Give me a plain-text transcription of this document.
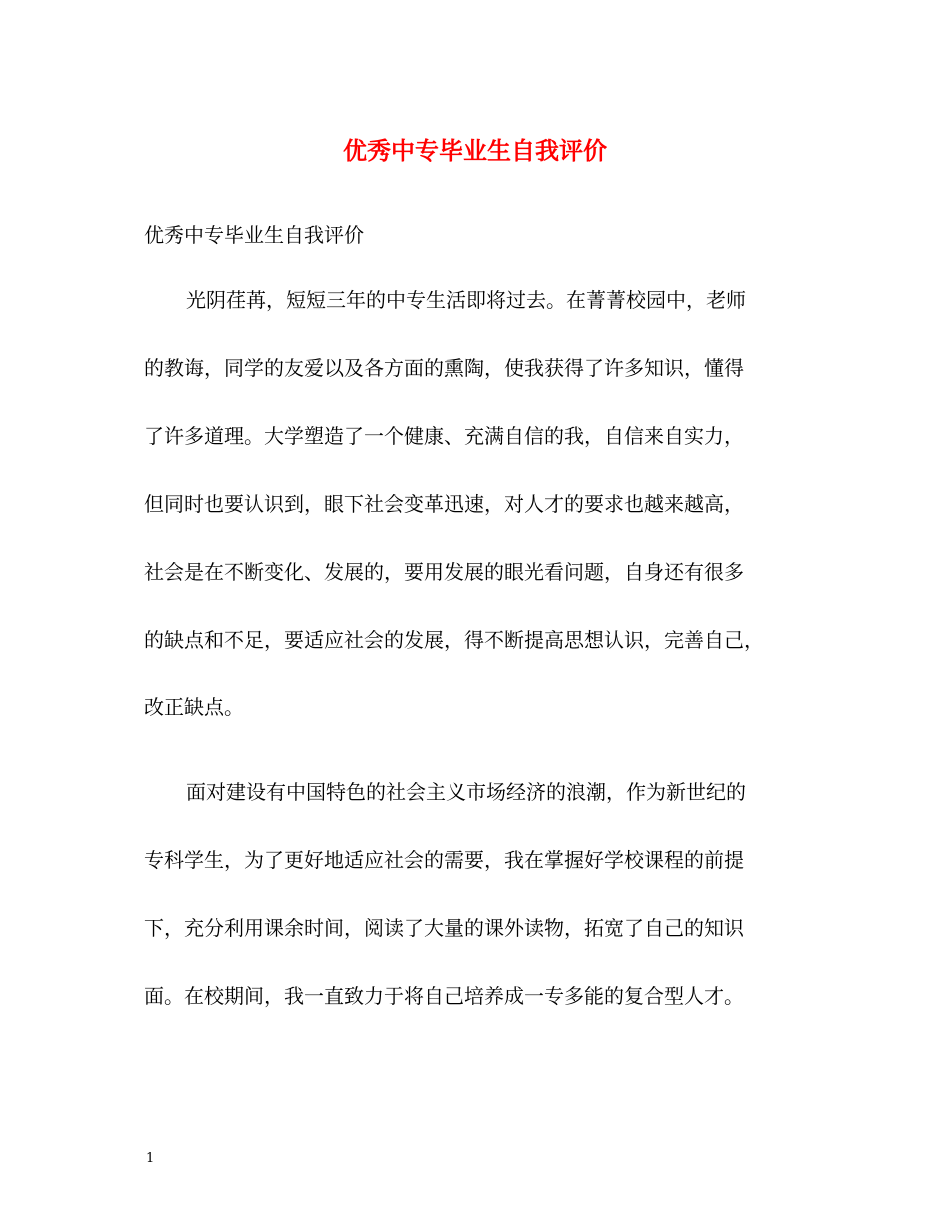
优秀中专毕业生自我评价

优秀中专毕业生自我评价

光阴荏苒，短短三年的中专生活即将过去。在菁菁校园中，老师

的教诲，同学的友爱以及各方面的熏陶，使我获得了许多知识，懂得

了许多道理。大学塑造了一个健康、充满自信的我，自信来自实力，

但同时也要认识到，眼下社会变革迅速，对人才的要求也越来越高，

社会是在不断变化、发展的，要用发展的眼光看问题，自身还有很多

的缺点和不足，要适应社会的发展，得不断提高思想认识，完善自己，

改正缺点。

面对建设有中国特色的社会主义市场经济的浪潮，作为新世纪的

专科学生，为了更好地适应社会的需要，我在掌握好学校课程的前提

下，充分利用课余时间，阅读了大量的课外读物，拓宽了自己的知识

面。在校期间，我一直致力于将自己培养成一专多能的复合型人才。

1
